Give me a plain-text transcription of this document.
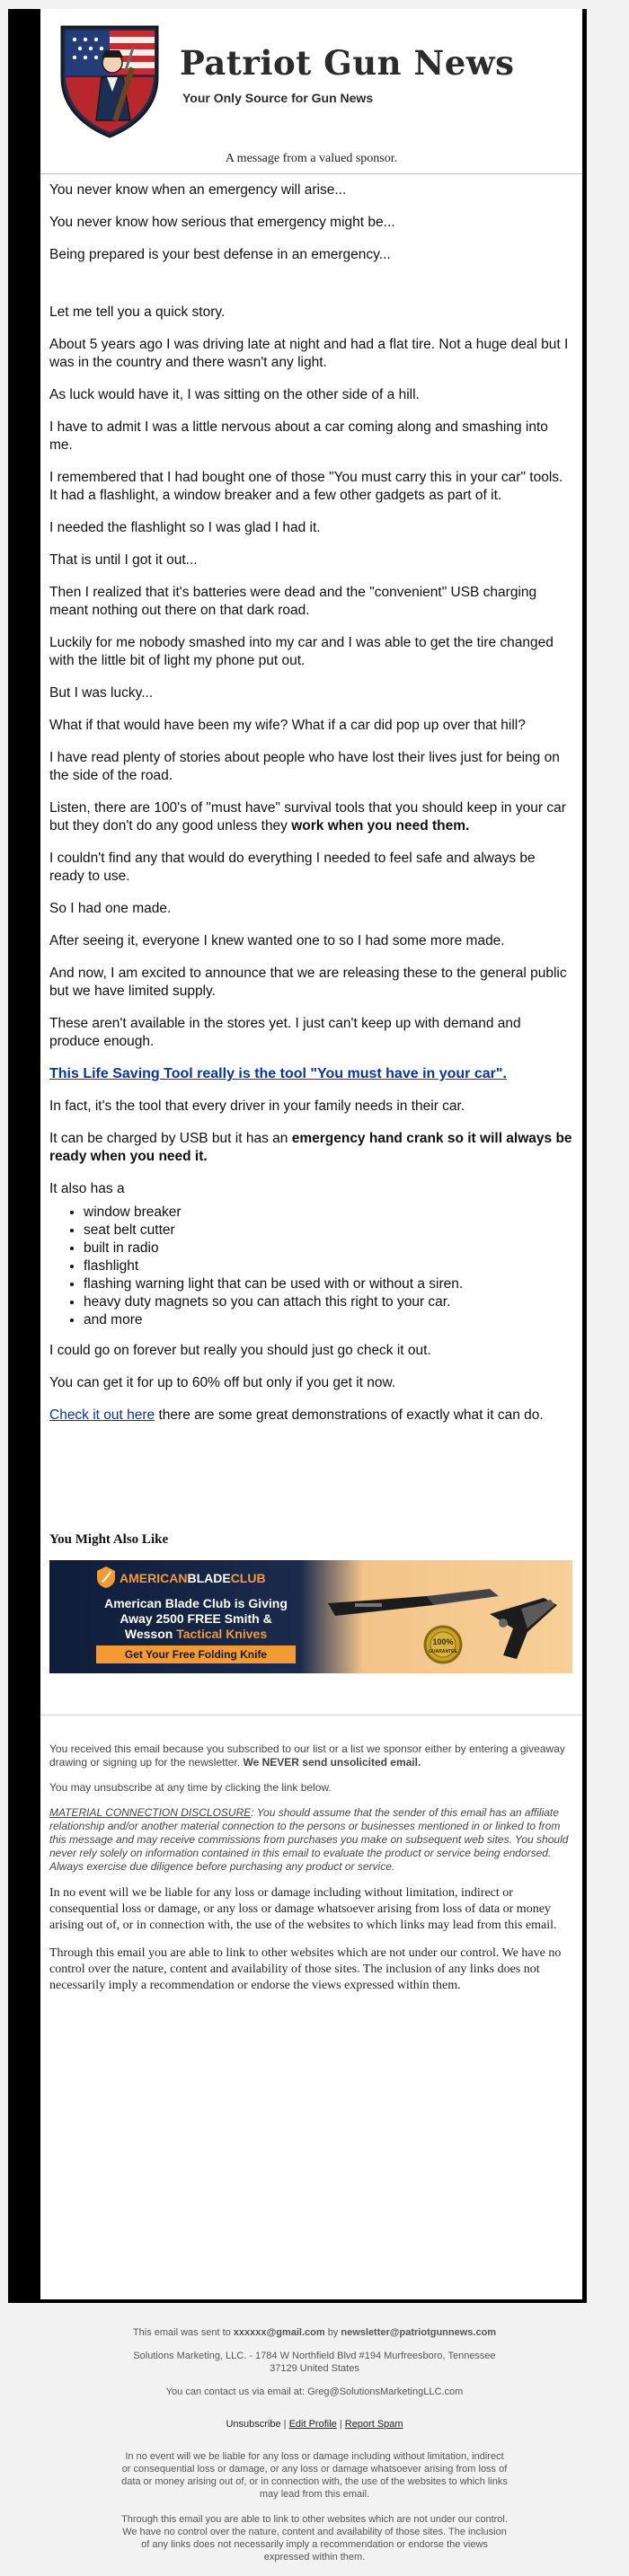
Patriot Gun News

Your Only Source for Gun News

A message from a valued sponsor.

You never know when an emergency will arise...

You never know how serious that emergency might be...

Being prepared is your best defense in an emergency...

Let me tell you a quick story.

About 5 years ago I was driving late at night and had a flat tire. Not a huge deal but I was in the country and there wasn't any light.

As luck would have it, I was sitting on the other side of a hill.

I have to admit I was a little nervous about a car coming along and smashing into me.

I remembered that I had bought one of those "You must carry this in your car" tools. It had a flashlight, a window breaker and a few other gadgets as part of it.

I needed the flashlight so I was glad I had it.

That is until I got it out...

Then I realized that it's batteries were dead and the "convenient" USB charging meant nothing out there on that dark road.

Luckily for me nobody smashed into my car and I was able to get the tire changed with the little bit of light my phone put out.

But I was lucky...

What if that would have been my wife? What if a car did pop up over that hill?

I have read plenty of stories about people who have lost their lives just for being on the side of the road.

Listen, there are 100's of "must have" survival tools that you should keep in your car but they don't do any good unless they work when you need them.

I couldn't find any that would do everything I needed to feel safe and always be ready to use.

So I had one made.

After seeing it, everyone I knew wanted one to so I had some more made.

And now, I am excited to announce that we are releasing these to the general public but we have limited supply.

These aren't available in the stores yet. I just can't keep up with demand and produce enough.

This Life Saving Tool really is the tool "You must have in your car".

In fact, it's the tool that every driver in your family needs in their car.

It can be charged by USB but it has an emergency hand crank so it will always be ready when you need it.

It also has a

• window breaker
• seat belt cutter
• built in radio
• flashlight
• flashing warning light that can be used with or without a siren.
• heavy duty magnets so you can attach this right to your car.
• and more

I could go on forever but really you should just go check it out.

You can get it for up to 60% off but only if you get it now.

Check it out here there are some great demonstrations of exactly what it can do.

You Might Also Like

AMERICANBLADECLUB
American Blade Club is Giving
Away 2500 FREE Smith &
Wesson Tactical Knives
Get Your Free Folding Knife
100%
GUARANTEE

You received this email because you subscribed to our list or a list we sponsor either by entering a giveaway drawing or signing up for the newsletter. We NEVER send unsolicited email.

You may unsubscribe at any time by clicking the link below.

MATERIAL CONNECTION DISCLOSURE: You should assume that the sender of this email has an affiliate relationship and/or another material connection to the persons or businesses mentioned in or linked to from this message and may receive commissions from purchases you make on subsequent web sites. You should never rely solely on information contained in this email to evaluate the product or service being endorsed. Always exercise due diligence before purchasing any product or service.

In no event will we be liable for any loss or damage including without limitation, indirect or consequential loss or damage, or any loss or damage whatsoever arising from loss of data or money arising out of, or in connection with, the use of the websites to which links may lead from this email.

Through this email you are able to link to other websites which are not under our control. We have no control over the nature, content and availability of those sites. The inclusion of any links does not necessarily imply a recommendation or endorse the views expressed within them.

This email was sent to xxxxxx@gmail.com by newsletter@patriotgunnews.com

Solutions Marketing, LLC. - 1784 W Northfield Blvd #194 Murfreesboro, Tennessee
37129 United States

You can contact us via email at: Greg@SolutionsMarketingLLC.com

Unsubscribe | Edit Profile | Report Spam

In no event will we be liable for any loss or damage including without limitation, indirect or consequential loss or damage, or any loss or damage whatsoever arising from loss of data or money arising out of, or in connection with, the use of the websites to which links may lead from this email.

Through this email you are able to link to other websites which are not under our control. We have no control over the nature, content and availability of those sites. The inclusion of any links does not necessarily imply a recommendation or endorse the views expressed within them.
